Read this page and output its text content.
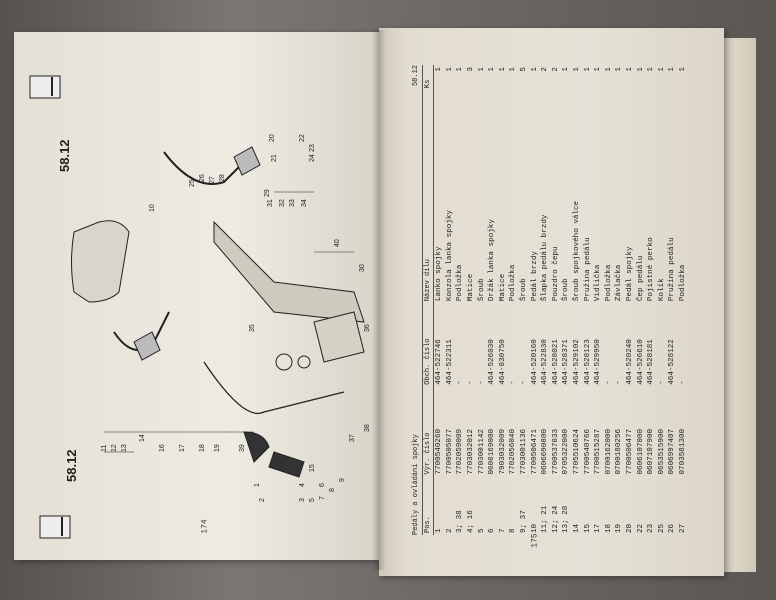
58.12
58.12
1
2	3
4
5
6
7
8
9
10
11 12 13
14
15
16 17 18 19
20
21
22
23
24
25
26 27 28
29
30
31 32 33 34
35	36
37
38
39
40
174
175
Pedály a ovládání spojky
58.12
Pos.	Výr. číslo	Obch. číslo	Název dílu	Ks
1	7700540260	464-522746	Lanko spojky	1
2	7700505077	464-522311	Konzola lanka spojky	1
3; 38	7702059009	-	Podložka	1
4; 16	7703032012	-	Matice	3
5	7703001142	-	Šroub	1
6	0608169000	464-526030	Držák lanka spojky	1
7	7903032009	464-830750	Matice	1
8	7702056040	-	Podložka	1
9; 37	7703001136	-	Šroub	5
10	7700506471	464-520160	Pedál brzdy	1
11; 21	0606690800	464-522830	Šlapka pedálu brzdy	2
12; 24	7700537833	464-528021	Pouzdro čepu	2
13; 28	0705322000	464-528371	Šroub	1
14	7705510624	464-529102	Šroub spojkového válce	1
15	7700540766	464-528123	Pružina pedálu	1
17	7700515287	464-529950	Vidlička	1
18	0700162000	-	Podložka	1
19	0700180256	-	Závlačka	1
20	7700506477	464-520240	Pedál spojky	1
22	0606107000	464-526610	Čep pedálu	1
23	0607107900	464-528181	Pojistné perko	1
25	0653515900	-	Kolík	1
26	0606997407	464-528122	Pružina pedálu	1
27	0703581300	-	Podložka	1
